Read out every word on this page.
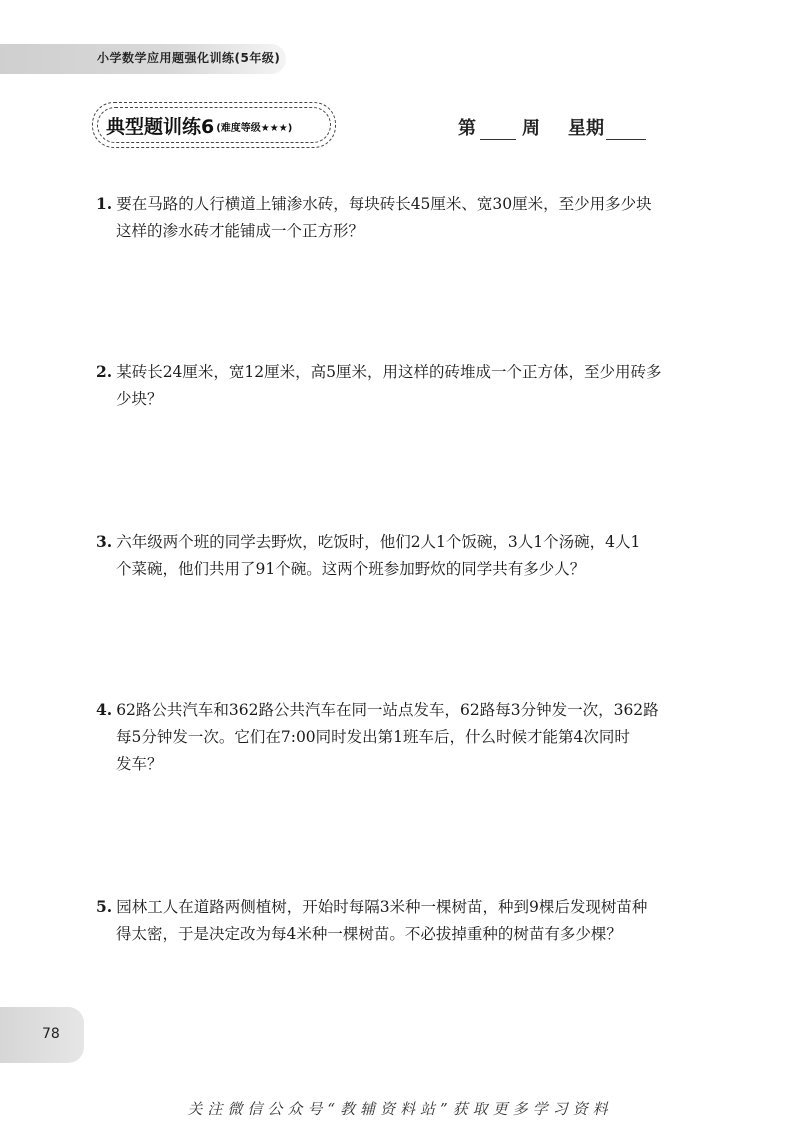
小学数学应用题强化训练(5年级)
典型题训练6 (难度等级★★★)	第	周 星期
1. 要在马路的人行横道上铺渗水砖，每块砖长45厘米、宽30厘米，至少用多少块
这样的渗水砖才能铺成一个正方形？
2. 某砖长24厘米，宽12厘米，高5厘米，用这样的砖堆成一个正方体，至少用砖多
少块？
3. 六年级两个班的同学去野炊，吃饭时，他们2人1个饭碗，3人1个汤碗，4人1
个菜碗，他们共用了91个碗。这两个班参加野炊的同学共有多少人？
4. 62路公共汽车和362路公共汽车在同一站点发车，62路每3分钟发一次，362路
每5分钟发一次。它们在7:00同时发出第1班车后，什么时候才能第4次同时
发车？
5. 园林工人在道路两侧植树，开始时每隔3米种一棵树苗，种到9棵后发现树苗种
得太密，于是决定改为每4米种一棵树苗。不必拔掉重种的树苗有多少棵？
78
关注微信公众号“教辅资料站”获取更多学习资料
